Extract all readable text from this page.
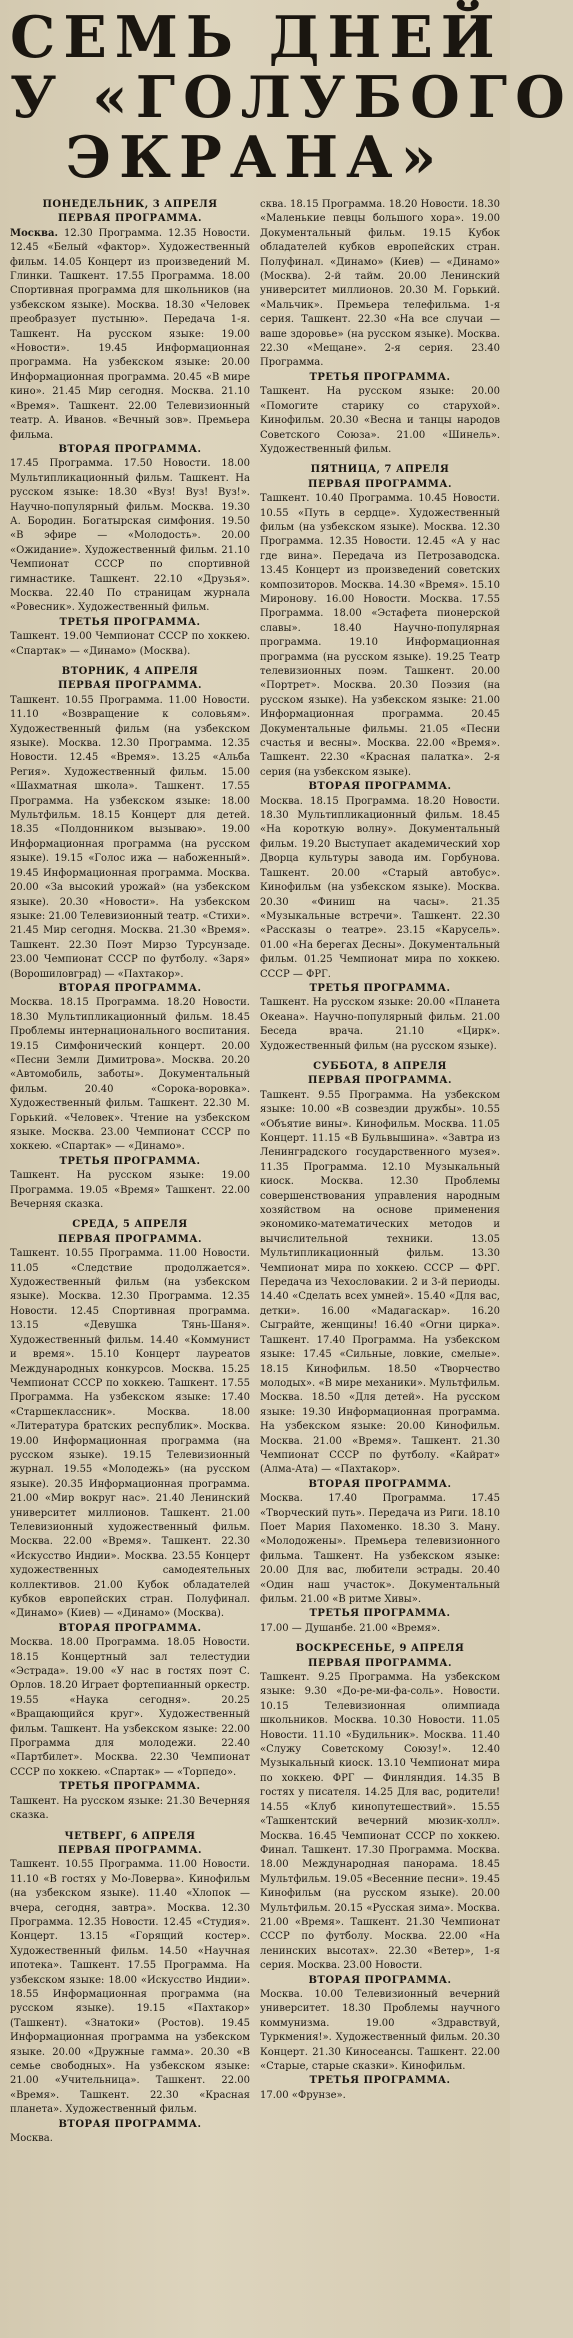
СЕМЬ ДНЕЙ
У «ГОЛУБОГО
ЭКРАНА»
ПОНЕДЕЛЬНИК, 3 АПРЕЛЯ
ПЕРВАЯ ПРОГРАММА.

Москва. 12.30 Программа. 12.35 Новости. 12.45 «Белый «фактор». Художественный фильм. 14.05 Концерт из произведений М. Глинки. Ташкент. 17.55 Программа. 18.00 Спортивная программа для школьников (на узбекском языке). Москва. 18.30 «Человек преобразует пустыню». Передача 1-я. Ташкент. На русском языке: 19.00 «Новости». 19.45 Информационная программа. На узбекском языке: 20.00 Информационная программа. 20.45 «В мире кино». 21.45 Мир сегодня. Москва. 21.10 «Время». Ташкент. 22.00 Телевизионный театр. А. Иванов. «Вечный зов». Премьера фильма.

ВТОРАЯ ПРОГРАММА.

17.45 Программа. 17.50 Новости. 18.00 Мультипликационный фильм. Ташкент. На русском языке: 18.30 «Вуз! Вуз! Вуз!». Научно-популярный фильм. Москва. 19.30 А. Бородин. Богатырская симфония. 19.50 «В эфире — «Молодость». 20.00 «Ожидание». Художественный фильм. 21.10 Чемпионат СССР по спортивной гимнастике. Ташкент. 22.10 «Друзья». Москва. 22.40 По страницам журнала «Ровесник». Художественный фильм.

ТРЕТЬЯ ПРОГРАММА.

Ташкент. 19.00 Чемпионат СССР по хоккею. «Спартак» — «Динамо» (Москва).

ВТОРНИК, 4 АПРЕЛЯ
ПЕРВАЯ ПРОГРАММА.

Ташкент. 10.55 Программа. 11.00 Новости. 11.10 «Возвращение к соловьям». Художественный фильм (на узбекском языке). Москва. 12.30 Программа. 12.35 Новости. 12.45 «Время». 13.25 «Альба Регия». Художественный фильм. 15.00 «Шахматная школа». Ташкент. 17.55 Программа. На узбекском языке: 18.00 Мультфильм. 18.15 Концерт для детей. 18.35 «Полдонником вызываю». 19.00 Информационная программа (на русском языке). 19.15 «Голос ижа — набоженный». 19.45 Информационная программа. Москва. 20.00 «За высокий урожай» (на узбекском языке). 20.30 «Новости». На узбекском языке: 21.00 Телевизионный театр. «Стихи». 21.45 Мир сегодня. Москва. 21.30 «Время». Ташкент. 22.30 Поэт Мирзо Турсунзаде. 23.00 Чемпионат СССР по футболу. «Заря» (Ворошиловград) — «Пахтакор».

ВТОРАЯ ПРОГРАММА.

Москва. 18.15 Программа. 18.20 Новости. 18.30 Мультипликационный фильм. 18.45 Проблемы интернационального воспитания. 19.15 Симфонический концерт. 20.00 «Песни Земли Димитрова». Москва. 20.20 «Автомобиль, заботы». Документальный фильм. 20.40 «Сорока-воровка». Художественный фильм. Ташкент. 22.30 М. Горький. «Человек». Чтение на узбекском языке. Москва. 23.00 Чемпионат СССР по хоккею. «Спартак» — «Динамо».

ТРЕТЬЯ ПРОГРАММА.

Ташкент. На русском языке: 19.00 Программа. 19.05 «Время» Ташкент. 22.00 Вечерняя сказка.

СРЕДА, 5 АПРЕЛЯ
ПЕРВАЯ ПРОГРАММА.

Ташкент. 10.55 Программа. 11.00 Новости. 11.05 «Следствие продолжается». Художественный фильм (на узбекском языке). Москва. 12.30 Программа. 12.35 Новости. 12.45 Спортивная программа. 13.15 «Девушка Тянь-Шаня». Художественный фильм. 14.40 «Коммунист и время». 15.10 Концерт лауреатов Международных конкурсов. Москва. 15.25 Чемпионат СССР по хоккею. Ташкент. 17.55 Программа. На узбекском языке: 17.40 «Старшеклассник». Москва. 18.00 «Литература братских республик». Москва. 19.00 Информационная программа (на русском языке). 19.15 Телевизионный журнал. 19.55 «Молодежь» (на русском языке). 20.35 Информационная программа. 21.00 «Мир вокруг нас». 21.40 Ленинский университет миллионов. Ташкент. 21.00 Телевизионный художественный фильм. Москва. 22.00 «Время». Ташкент. 22.30 «Искусство Индии». Москва. 23.55 Концерт художественных самодеятельных коллективов. 21.00 Кубок обладателей кубков европейских стран. Полуфинал. «Динамо» (Киев) — «Динамо» (Москва).

ВТОРАЯ ПРОГРАММА.

Москва. 18.00 Программа. 18.05 Новости. 18.15 Концертный зал телестудии «Эстрада». 19.00 «У нас в гостях поэт С. Орлов. 18.20 Играет фортепианный оркестр. 19.55 «Наука сегодня». 20.25 «Вращающийся круг». Художественный фильм. Ташкент. На узбекском языке: 22.00 Программа для молодежи. 22.40 «Партбилет». Москва. 22.30 Чемпионат СССР по хоккею. «Спартак» — «Торпедо».

ТРЕТЬЯ ПРОГРАММА.

Ташкент. На русском языке: 21.30 Вечерняя сказка.

ЧЕТВЕРГ, 6 АПРЕЛЯ
ПЕРВАЯ ПРОГРАММА.

Ташкент. 10.55 Программа. 11.00 Новости. 11.10 «В гостях у Мо-Ловерва». Кинофильм (на узбекском языке). 11.40 «Хлопок — вчера, сегодня, завтра». Москва. 12.30 Программа. 12.35 Новости. 12.45 «Студия». Концерт. 13.15 «Горящий костер». Художественный фильм. 14.50 «Научная ипотека». Ташкент. 17.55 Программа. На узбекском языке: 18.00 «Искусство Индии». 18.55 Информационная программа (на русском языке). 19.15 «Пахтакор» (Ташкент). «Знатоки» (Ростов). 19.45 Информационная программа на узбекском языке. 20.00 «Дружные гамма». 20.30 «В семье свободных». На узбекском языке: 21.00 «Учительница». Ташкент. 22.00 «Время». Ташкент. 22.30 «Красная планета». Художественный фильм.

ВТОРАЯ ПРОГРАММА.

Москва.

сква. 18.15 Программа. 18.20 Новости. 18.30 «Маленькие певцы большого хора». 19.00 Документальный фильм. 19.15 Кубок обладателей кубков европейских стран. Полуфинал. «Динамо» (Киев) — «Динамо» (Москва). 2-й тайм. 20.00 Ленинский университет миллионов. 20.30 М. Горький. «Мальчик». Премьера телефильма. 1-я серия. Ташкент. 22.30 «На все случаи — ваше здоровье» (на русском языке). Москва. 22.30 «Мещане». 2-я серия. 23.40 Программа.

ТРЕТЬЯ ПРОГРАММА.

Ташкент. На русском языке: 20.00 «Помогите старику со старухой». Кинофильм. 20.30 «Весна и танцы народов Советского Союза». 21.00 «Шинель». Художественный фильм.

ПЯТНИЦА, 7 АПРЕЛЯ
ПЕРВАЯ ПРОГРАММА.

Ташкент. 10.40 Программа. 10.45 Новости. 10.55 «Путь в сердце». Художественный фильм (на узбекском языке). Москва. 12.30 Программа. 12.35 Новости. 12.45 «А у нас где вина». Передача из Петрозаводска. 13.45 Концерт из произведений советских композиторов. Москва. 14.30 «Время». 15.10 Миронову. 16.00 Новости. Москва. 17.55 Программа. 18.00 «Эстафета пионерской славы». 18.40 Научно-популярная программа. 19.10 Информационная программа (на русском языке). 19.25 Театр телевизионных поэм. Ташкент. 20.00 «Портрет». Москва. 20.30 Поэзия (на русском языке). На узбекском языке: 21.00 Информационная программа. 20.45 Документальные фильмы. 21.05 «Песни счастья и весны». Москва. 22.00 «Время». Ташкент. 22.30 «Красная палатка». 2-я серия (на узбекском языке).

ВТОРАЯ ПРОГРАММА.

Москва. 18.15 Программа. 18.20 Новости. 18.30 Мультипликационный фильм. 18.45 «На короткую волну». Документальный фильм. 19.20 Выступает академический хор Дворца культуры завода им. Горбунова. Ташкент. 20.00 «Старый автобус». Кинофильм (на узбекском языке). Москва. 20.30 «Финиш на часы». 21.35 «Музыкальные встречи». Ташкент. 22.30 «Рассказы о театре». 23.15 «Карусель». 01.00 «На берегах Десны». Документальный фильм. 01.25 Чемпионат мира по хоккею. СССР — ФРГ.

ТРЕТЬЯ ПРОГРАММА.

Ташкент. На русском языке: 20.00 «Планета Океана». Научно-популярный фильм. 21.00 Беседа врача. 21.10 «Цирк». Художественный фильм (на русском языке).

СУББОТА, 8 АПРЕЛЯ
ПЕРВАЯ ПРОГРАММА.

Ташкент. 9.55 Программа. На узбекском языке: 10.00 «В созвездии дружбы». 10.55 «Объятие вины». Кинофильм. Москва. 11.05 Концерт. 11.15 «В Бульвышина». «Завтра из Ленинградского государственного музея». 11.35 Программа. 12.10 Музыкальный киоск. Москва. 12.30 Проблемы совершенствования управления народным хозяйством на основе применения экономико-математических методов и вычислительной техники. 13.05 Мультипликационный фильм. 13.30 Чемпионат мира по хоккею. СССР — ФРГ. Передача из Чехословакии. 2 и 3-й периоды. 14.40 «Сделать всех умней». 15.40 «Для вас, детки». 16.00 «Мадагаскар». 16.20 Сыграйте, женщины! 16.40 «Огни цирка». Ташкент. 17.40 Программа. На узбекском языке: 17.45 «Сильные, ловкие, смелые». 18.15 Кинофильм. 18.50 «Творчество молодых». «В мире механики». Мультфильм. Москва. 18.50 «Для детей». На русском языке: 19.30 Информационная программа. На узбекском языке: 20.00 Кинофильм. Москва. 21.00 «Время». Ташкент. 21.30 Чемпионат СССР по футболу. «Кайрат» (Алма-Ата) — «Пахтакор».

ВТОРАЯ ПРОГРАММА.

Москва. 17.40 Программа. 17.45 «Творческий путь». Передача из Риги. 18.10 Поет Мария Пахоменко. 18.30 З. Ману. «Молодожены». Премьера телевизионного фильма. Ташкент. На узбекском языке: 20.00 Для вас, любители эстрады. 20.40 «Один наш участок». Документальный фильм. 21.00 «В ритме Хивы».

ТРЕТЬЯ ПРОГРАММА.

17.00 — Душанбе. 21.00 «Время».

ВОСКРЕСЕНЬЕ, 9 АПРЕЛЯ
ПЕРВАЯ ПРОГРАММА.

Ташкент. 9.25 Программа. На узбекском языке: 9.30 «До-ре-ми-фа-соль». Новости. 10.15 Телевизионная олимпиада школьников. Москва. 10.30 Новости. 11.05 Новости. 11.10 «Будильник». Москва. 11.40 «Служу Советскому Союзу!». 12.40 Музыкальный киоск. 13.10 Чемпионат мира по хоккею. ФРГ — Финляндия. 14.35 В гостях у писателя. 14.25 Для вас, родители! 14.55 «Клуб кинопутешествий». 15.55 «Ташкентский вечерний мюзик-холл». Москва. 16.45 Чемпионат СССР по хоккею. Финал. Ташкент. 17.30 Программа. Москва. 18.00 Международная панорама. 18.45 Мультфильм. 19.05 «Весенние песни». 19.45 Кинофильм (на русском языке). 20.00 Мультфильм. 20.15 «Русская зима». Москва. 21.00 «Время». Ташкент. 21.30 Чемпионат СССР по футболу. Москва. 22.00 «На ленинских высотах». 22.30 «Ветер», 1-я серия. Москва. 23.00 Новости.

ВТОРАЯ ПРОГРАММА.

Москва. 10.00 Телевизионный вечерний университет. 18.30 Проблемы научного коммунизма. 19.00 «Здравствуй, Туркмения!». Художественный фильм. 20.30 Концерт. 21.30 Киносеансы. Ташкент. 22.00 «Старые, старые сказки». Кинофильм.

ТРЕТЬЯ ПРОГРАММА.

17.00 «Фрунзе».
